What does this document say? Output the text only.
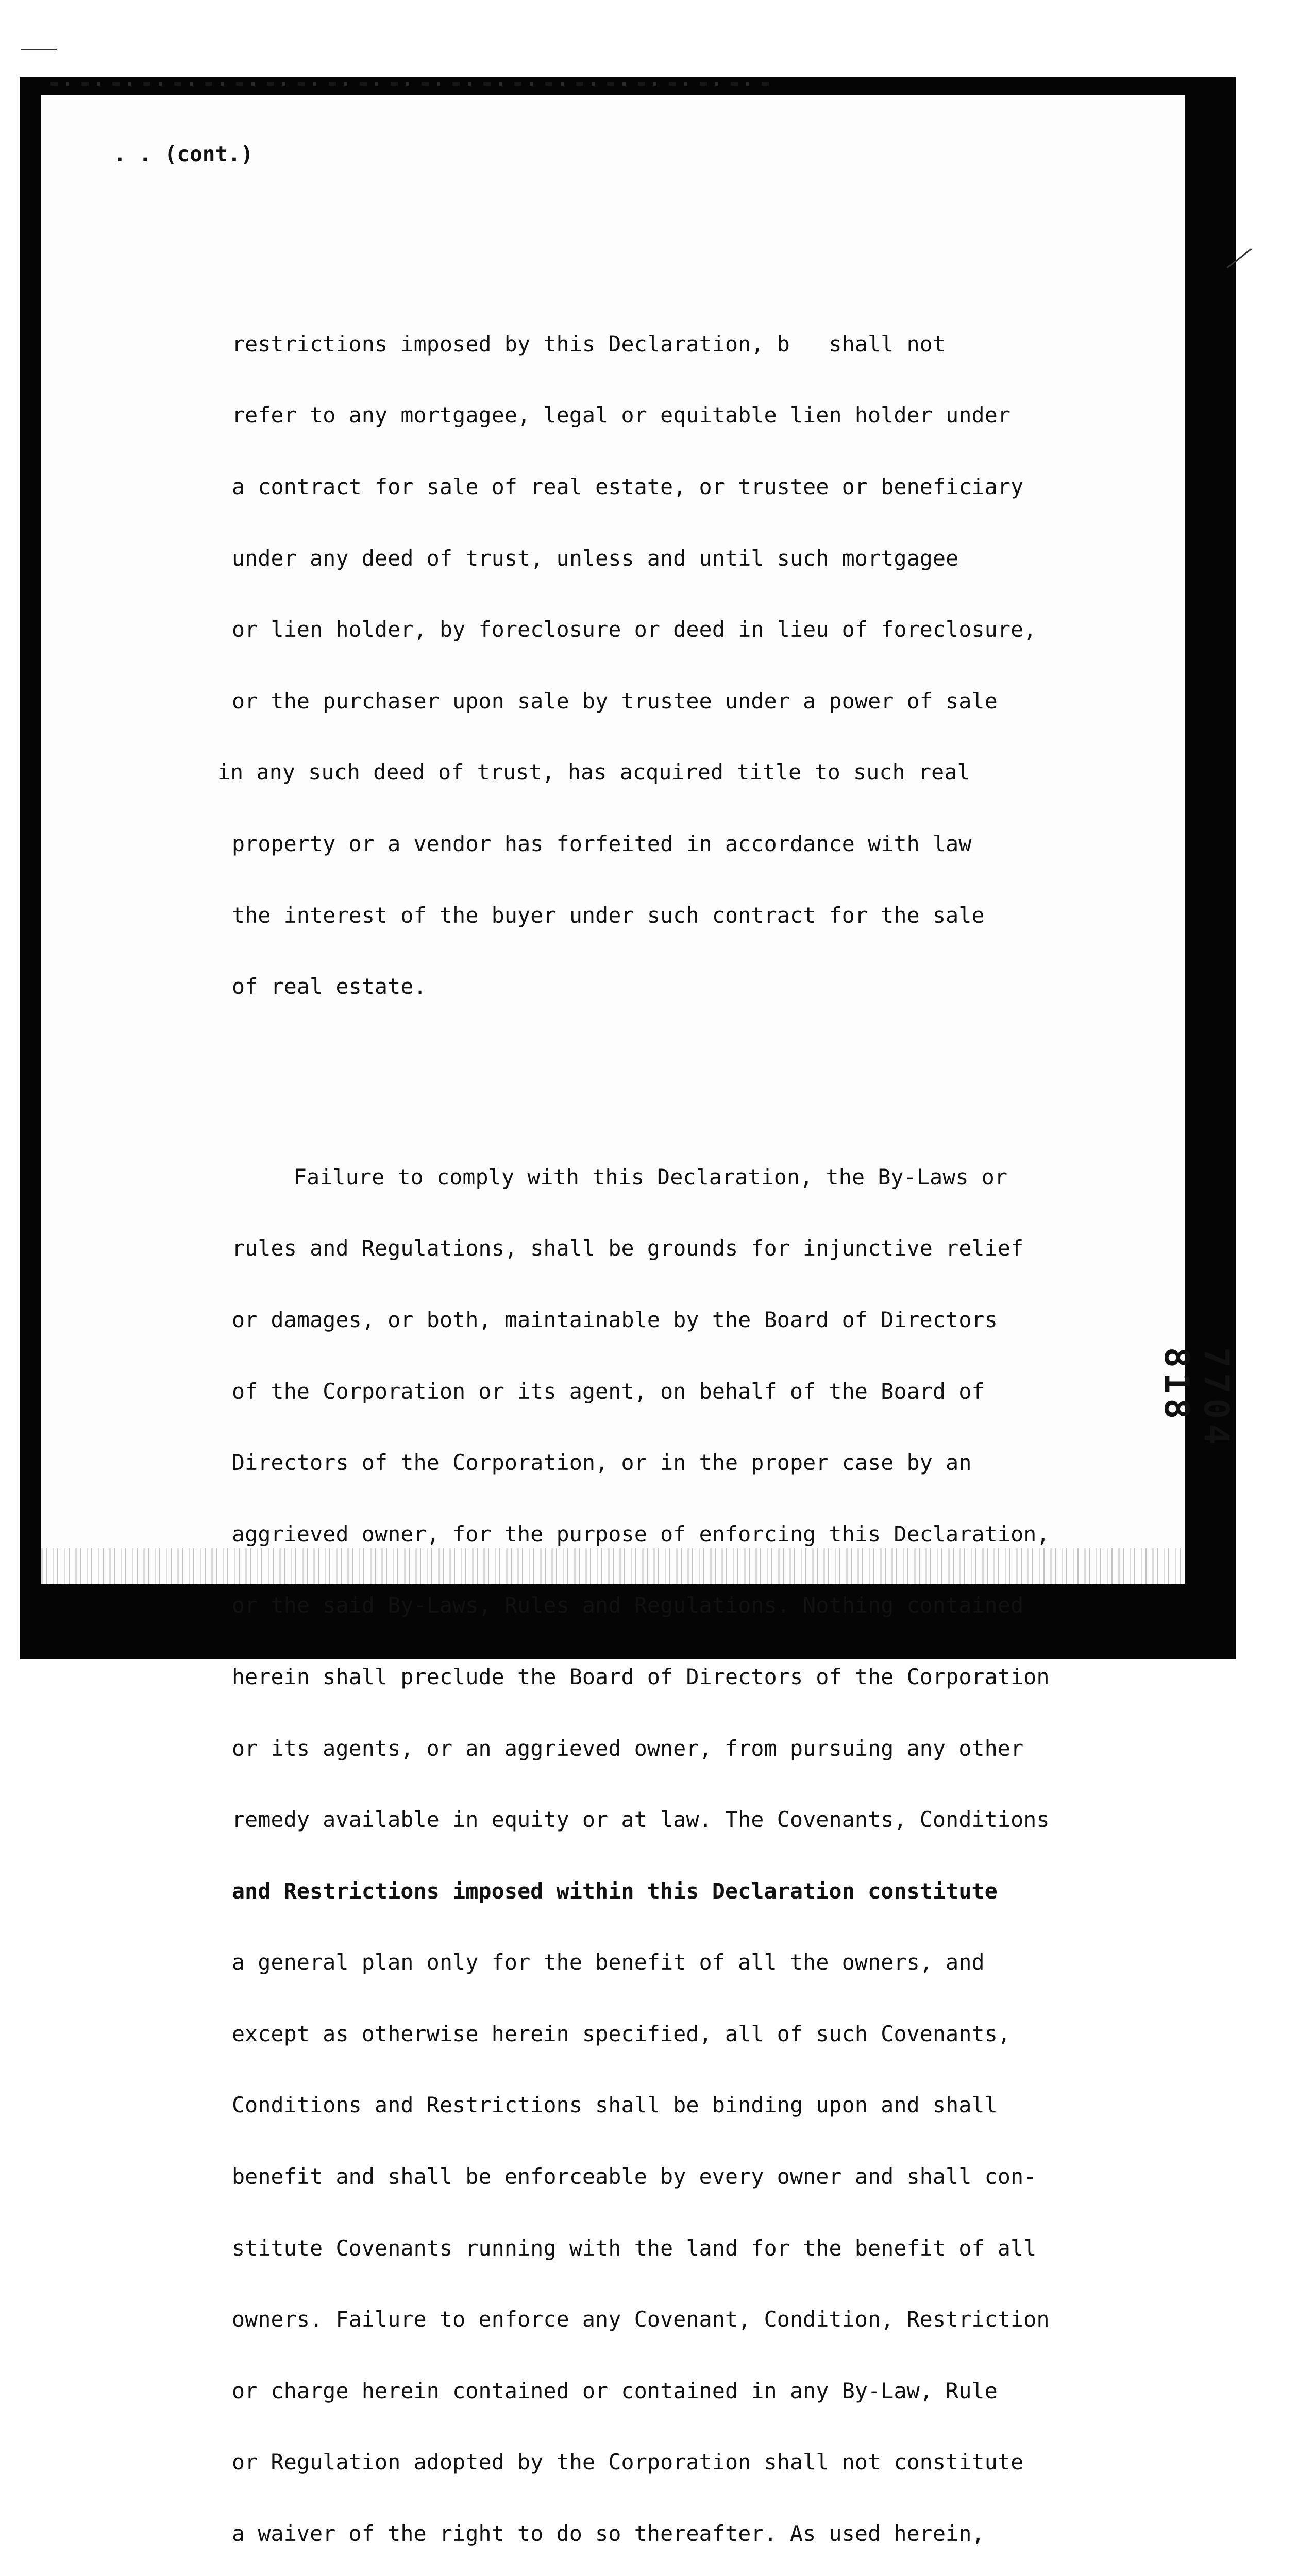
. . (cont.)

restrictions imposed by this Declaration, b   shall not

refer to any mortgagee, legal or equitable lien holder under

a contract for sale of real estate, or trustee or beneficiary

under any deed of trust, unless and until such mortgagee

or lien holder, by foreclosure or deed in lieu of foreclosure,

or the purchaser upon sale by trustee under a power of sale

in any such deed of trust, has acquired title to such real

property or a vendor has forfeited in accordance with law

the interest of the buyer under such contract for the sale

of real estate.

Failure to comply with this Declaration, the By-Laws or

rules and Regulations, shall be grounds for injunctive relief

or damages, or both, maintainable by the Board of Directors

of the Corporation or its agent, on behalf of the Board of

Directors of the Corporation, or in the proper case by an

aggrieved owner, for the purpose of enforcing this Declaration,

or the said By-Laws, Rules and Regulations. Nothing contained

herein shall preclude the Board of Directors of the Corporation

or its agents, or an aggrieved owner, from pursuing any other

remedy available in equity or at law. The Covenants, Conditions

and Restrictions imposed within this Declaration constitute

a general plan only for the benefit of all the owners, and

except as otherwise herein specified, all of such Covenants,

Conditions and Restrictions shall be binding upon and shall

benefit and shall be enforceable by every owner and shall con-

stitute Covenants running with the land for the benefit of all

owners. Failure to enforce any Covenant, Condition, Restriction

or charge herein contained or contained in any By-Law, Rule

or Regulation adopted by the Corporation shall not constitute

a waiver of the right to do so thereafter. As used herein,

7704
818
